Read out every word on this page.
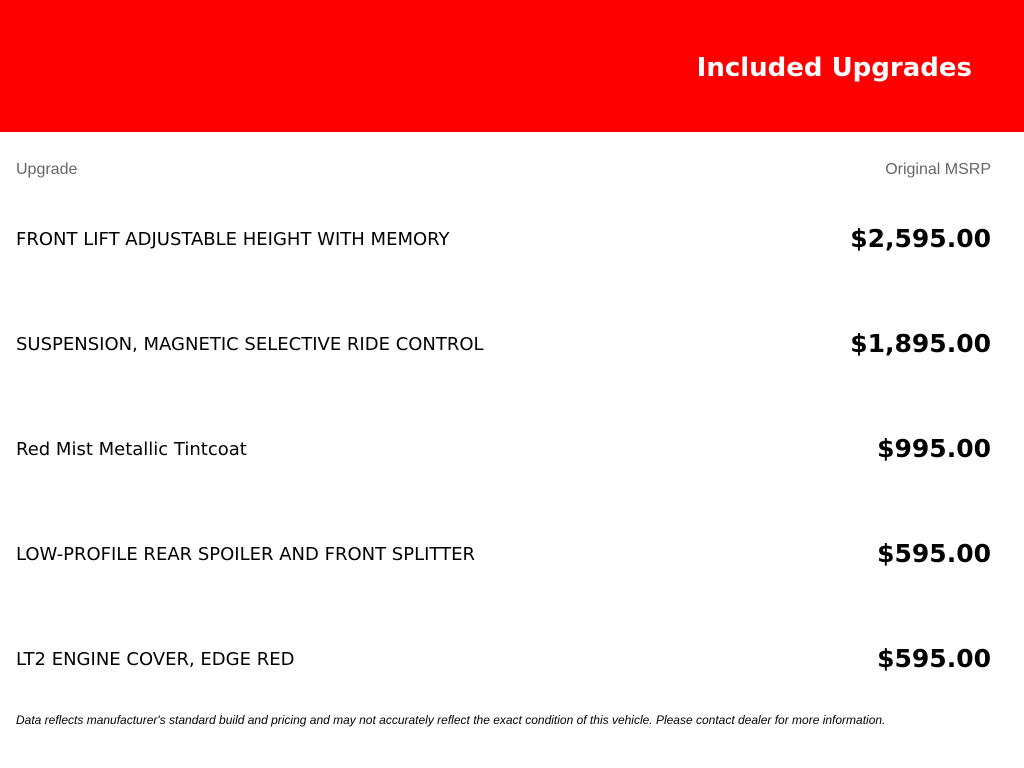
Included Upgrades
Upgrade	Original MSRP
FRONT LIFT ADJUSTABLE HEIGHT WITH MEMORY	$2,595.00
SUSPENSION, MAGNETIC SELECTIVE RIDE CONTROL	$1,895.00
Red Mist Metallic Tintcoat	$995.00
LOW-PROFILE REAR SPOILER AND FRONT SPLITTER	$595.00
LT2 ENGINE COVER, EDGE RED	$595.00
Data reflects manufacturer's standard build and pricing and may not accurately reflect the exact condition of this vehicle. Please contact dealer for more information.
